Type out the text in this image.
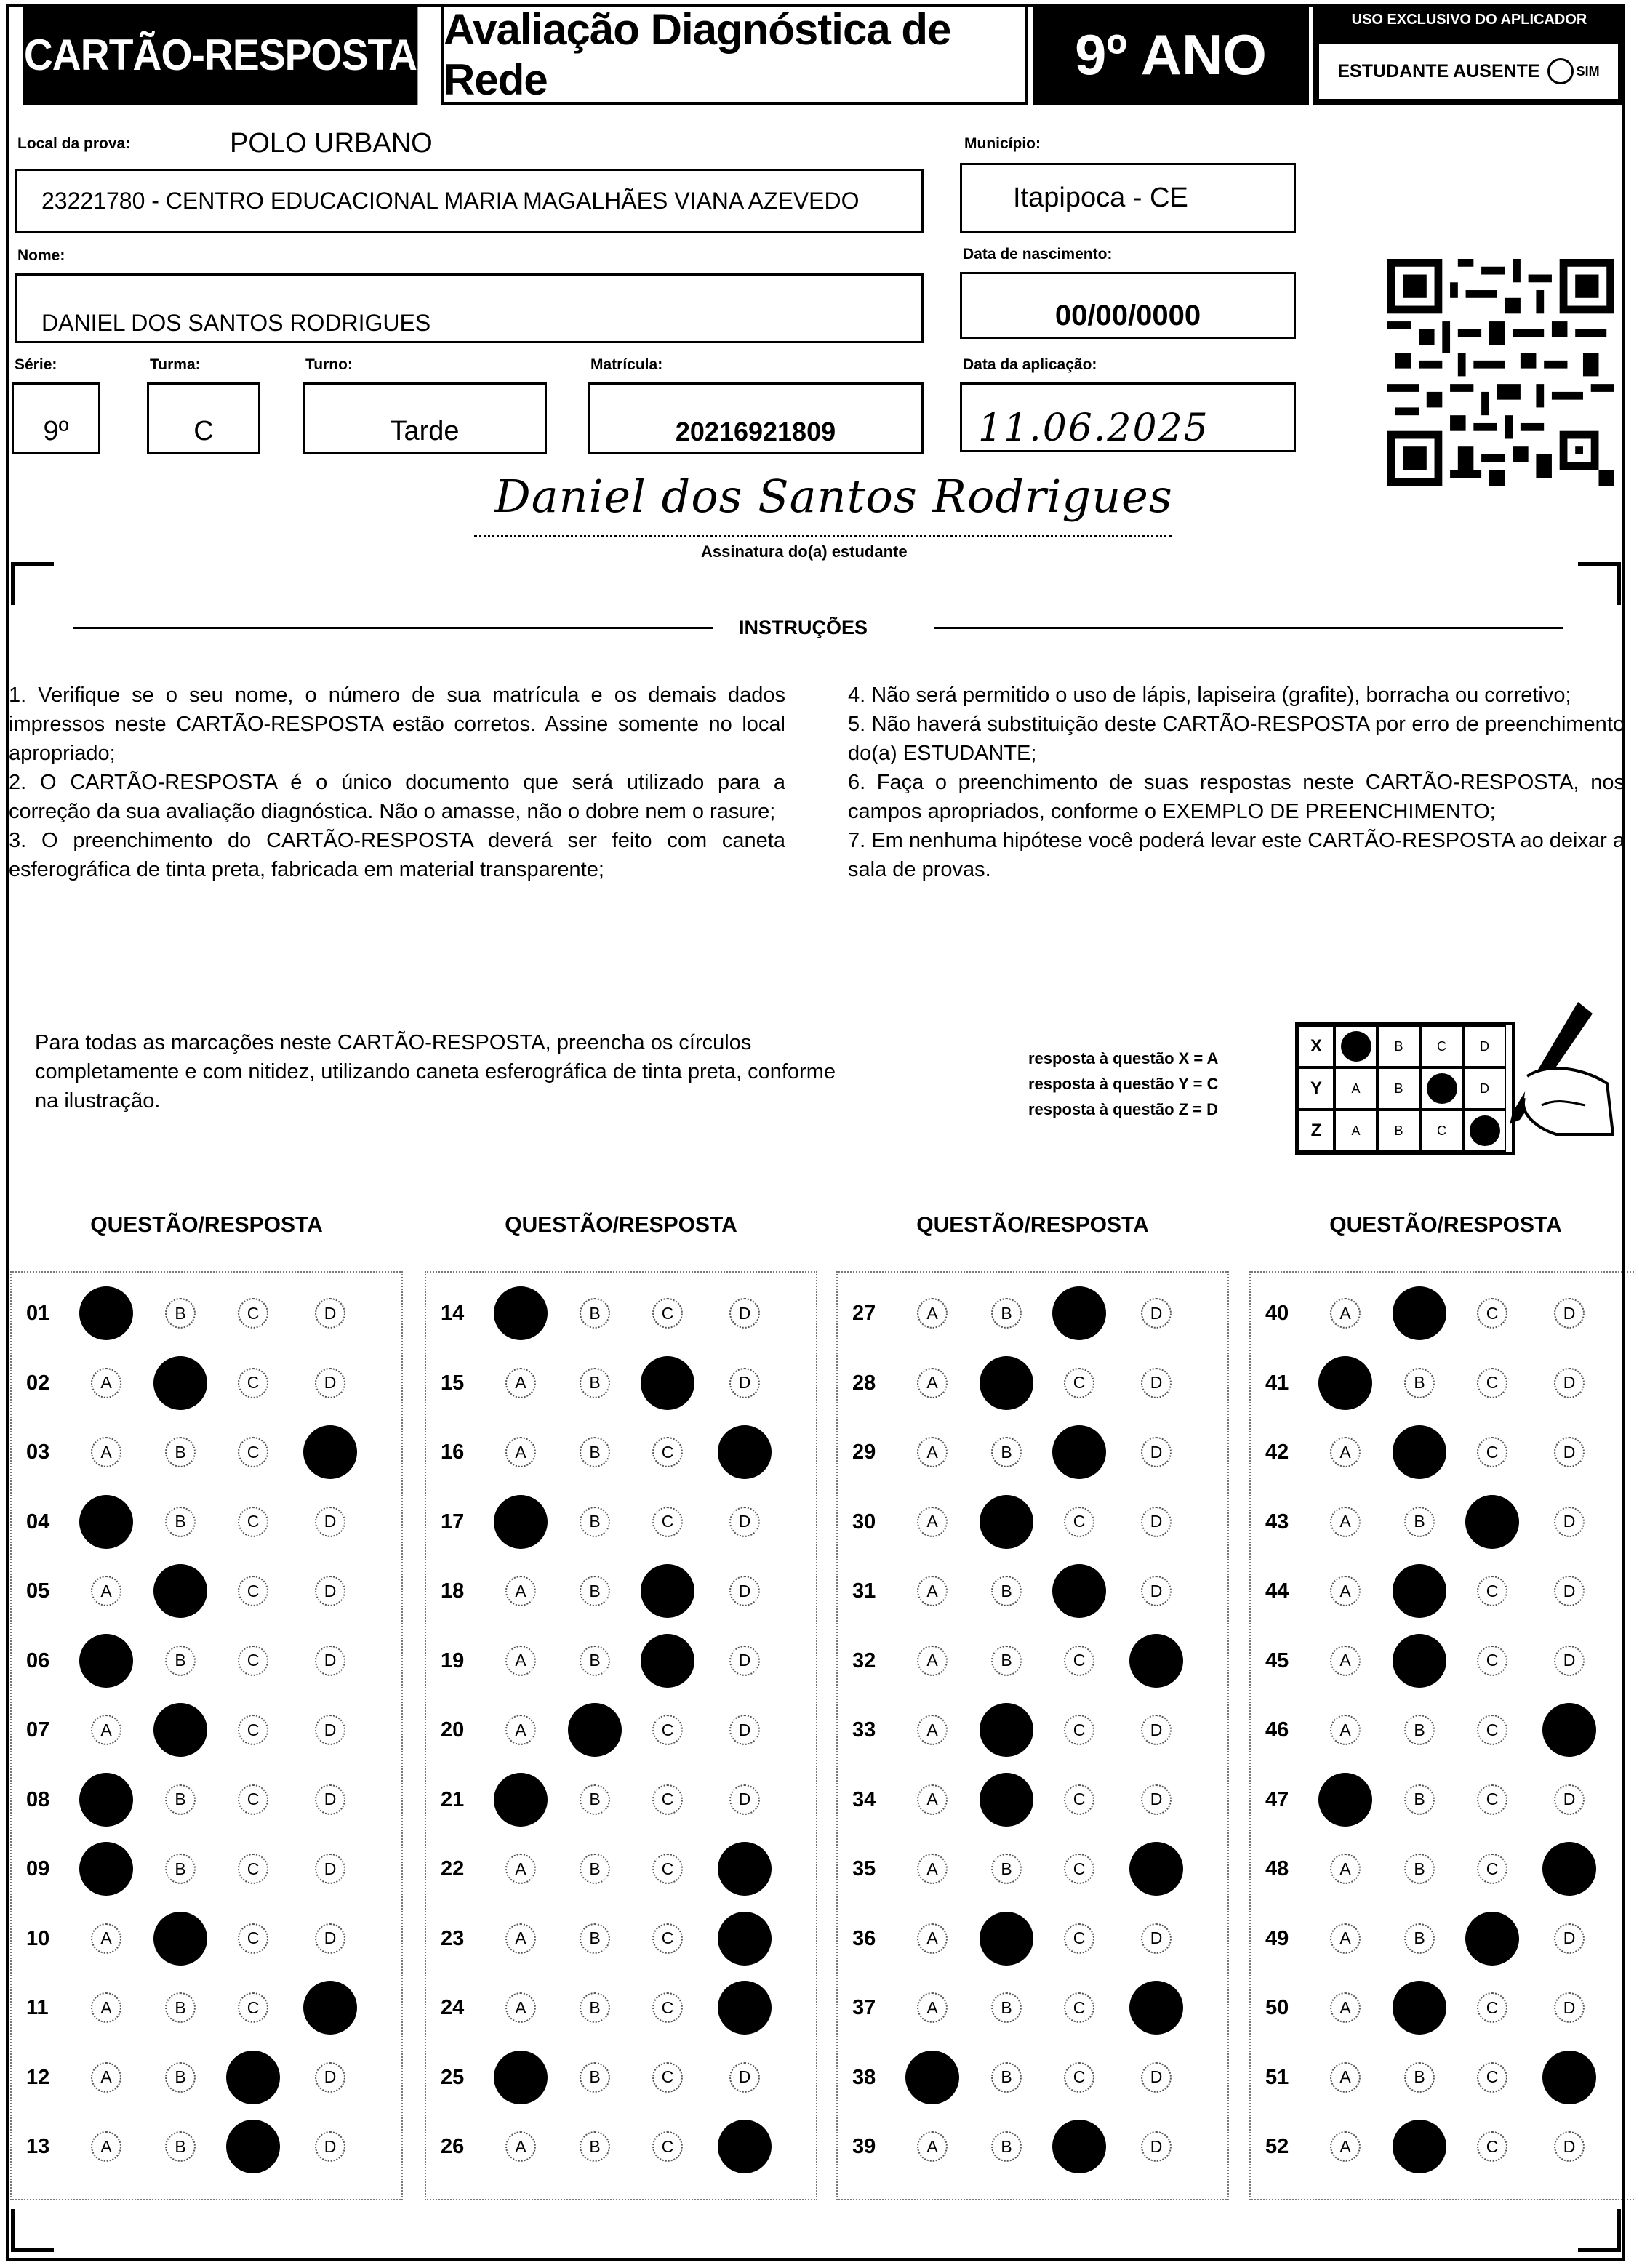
CARTÃO-RESPOSTA
Avaliação Diagnóstica de Rede	9º ANO
USO EXCLUSIVO DO APLICADOR
ESTUDANTE AUSENTE	SIM
Local da prova:	POLO URBANO
23221780 - CENTRO EDUCACIONAL MARIA MAGALHÃES VIANA AZEVEDO
Município:
Itapipoca - CE
Nome:
DANIEL DOS SANTOS RODRIGUES
Data de nascimento:
00/00/0000
Série:
9º
Turma:
C
Turno:
Tarde
Matrícula:
20216921809
Data da aplicação:
11.06.2025
Daniel dos Santos Rodrigues
Assinatura do(a) estudante
INSTRUÇÕES
1. Verifique se o seu nome, o número de sua matrícula e os demais dados impressos neste CARTÃO-RESPOSTA estão corretos. Assine somente no local apropriado;
2. O CARTÃO-RESPOSTA é o único documento que será utilizado para a correção da sua avaliação diagnóstica. Não o amasse, não o dobre nem o rasure;
3. O preenchimento do CARTÃO-RESPOSTA deverá ser feito com caneta esferográfica de tinta preta, fabricada em material transparente;
4. Não será permitido o uso de lápis, lapiseira (grafite), borracha ou corretivo;
5. Não haverá substituição deste CARTÃO-RESPOSTA por erro de preenchimento do(a) ESTUDANTE;
6. Faça o preenchimento de suas respostas neste CARTÃO-RESPOSTA, nos campos apropriados, conforme o EXEMPLO DE PREENCHIMENTO;
7. Em nenhuma hipótese você poderá levar este CARTÃO-RESPOSTA ao deixar a sala de provas.
Para todas as marcações neste CARTÃO-RESPOSTA, preencha os círculos completamente e com nitidez, utilizando caneta esferográfica de tinta preta, conforme na ilustração.
resposta à questão X = A
resposta à questão Y = C
resposta à questão Z = D
X	B	C	D
Y	A	B	D
Z	A	B	C
QUESTÃO/RESPOSTA
01	B	C	D
02	A	C	D
03	A	B	C
04	B	C	D
05	A	C	D
06	B	C	D
07	A	C	D
08	B	C	D
09	B	C	D
10	A	C	D
11	A	B	C
12	A	B	D
13	A	B	D
QUESTÃO/RESPOSTA
14	B	C	D
15	A	B	D
16	A	B	C
17	B	C	D
18	A	B	D
19	A	B	D
20	A	C	D
21	B	C	D
22	A	B	C
23	A	B	C
24	A	B	C
25	B	C	D
26	A	B	C
QUESTÃO/RESPOSTA
27	A	B	D
28	A	C	D
29	A	B	D
30	A	C	D
31	A	B	D
32	A	B	C
33	A	C	D
34	A	C	D
35	A	B	C
36	A	C	D
37	A	B	C
38	B	C	D
39	A	B	D
QUESTÃO/RESPOSTA
40	A	C	D
41	B	C	D
42	A	C	D
43	A	B	D
44	A	C	D
45	A	C	D
46	A	B	C
47	B	C	D
48	A	B	C
49	A	B	D
50	A	C	D
51	A	B	C
52	A	C	D
